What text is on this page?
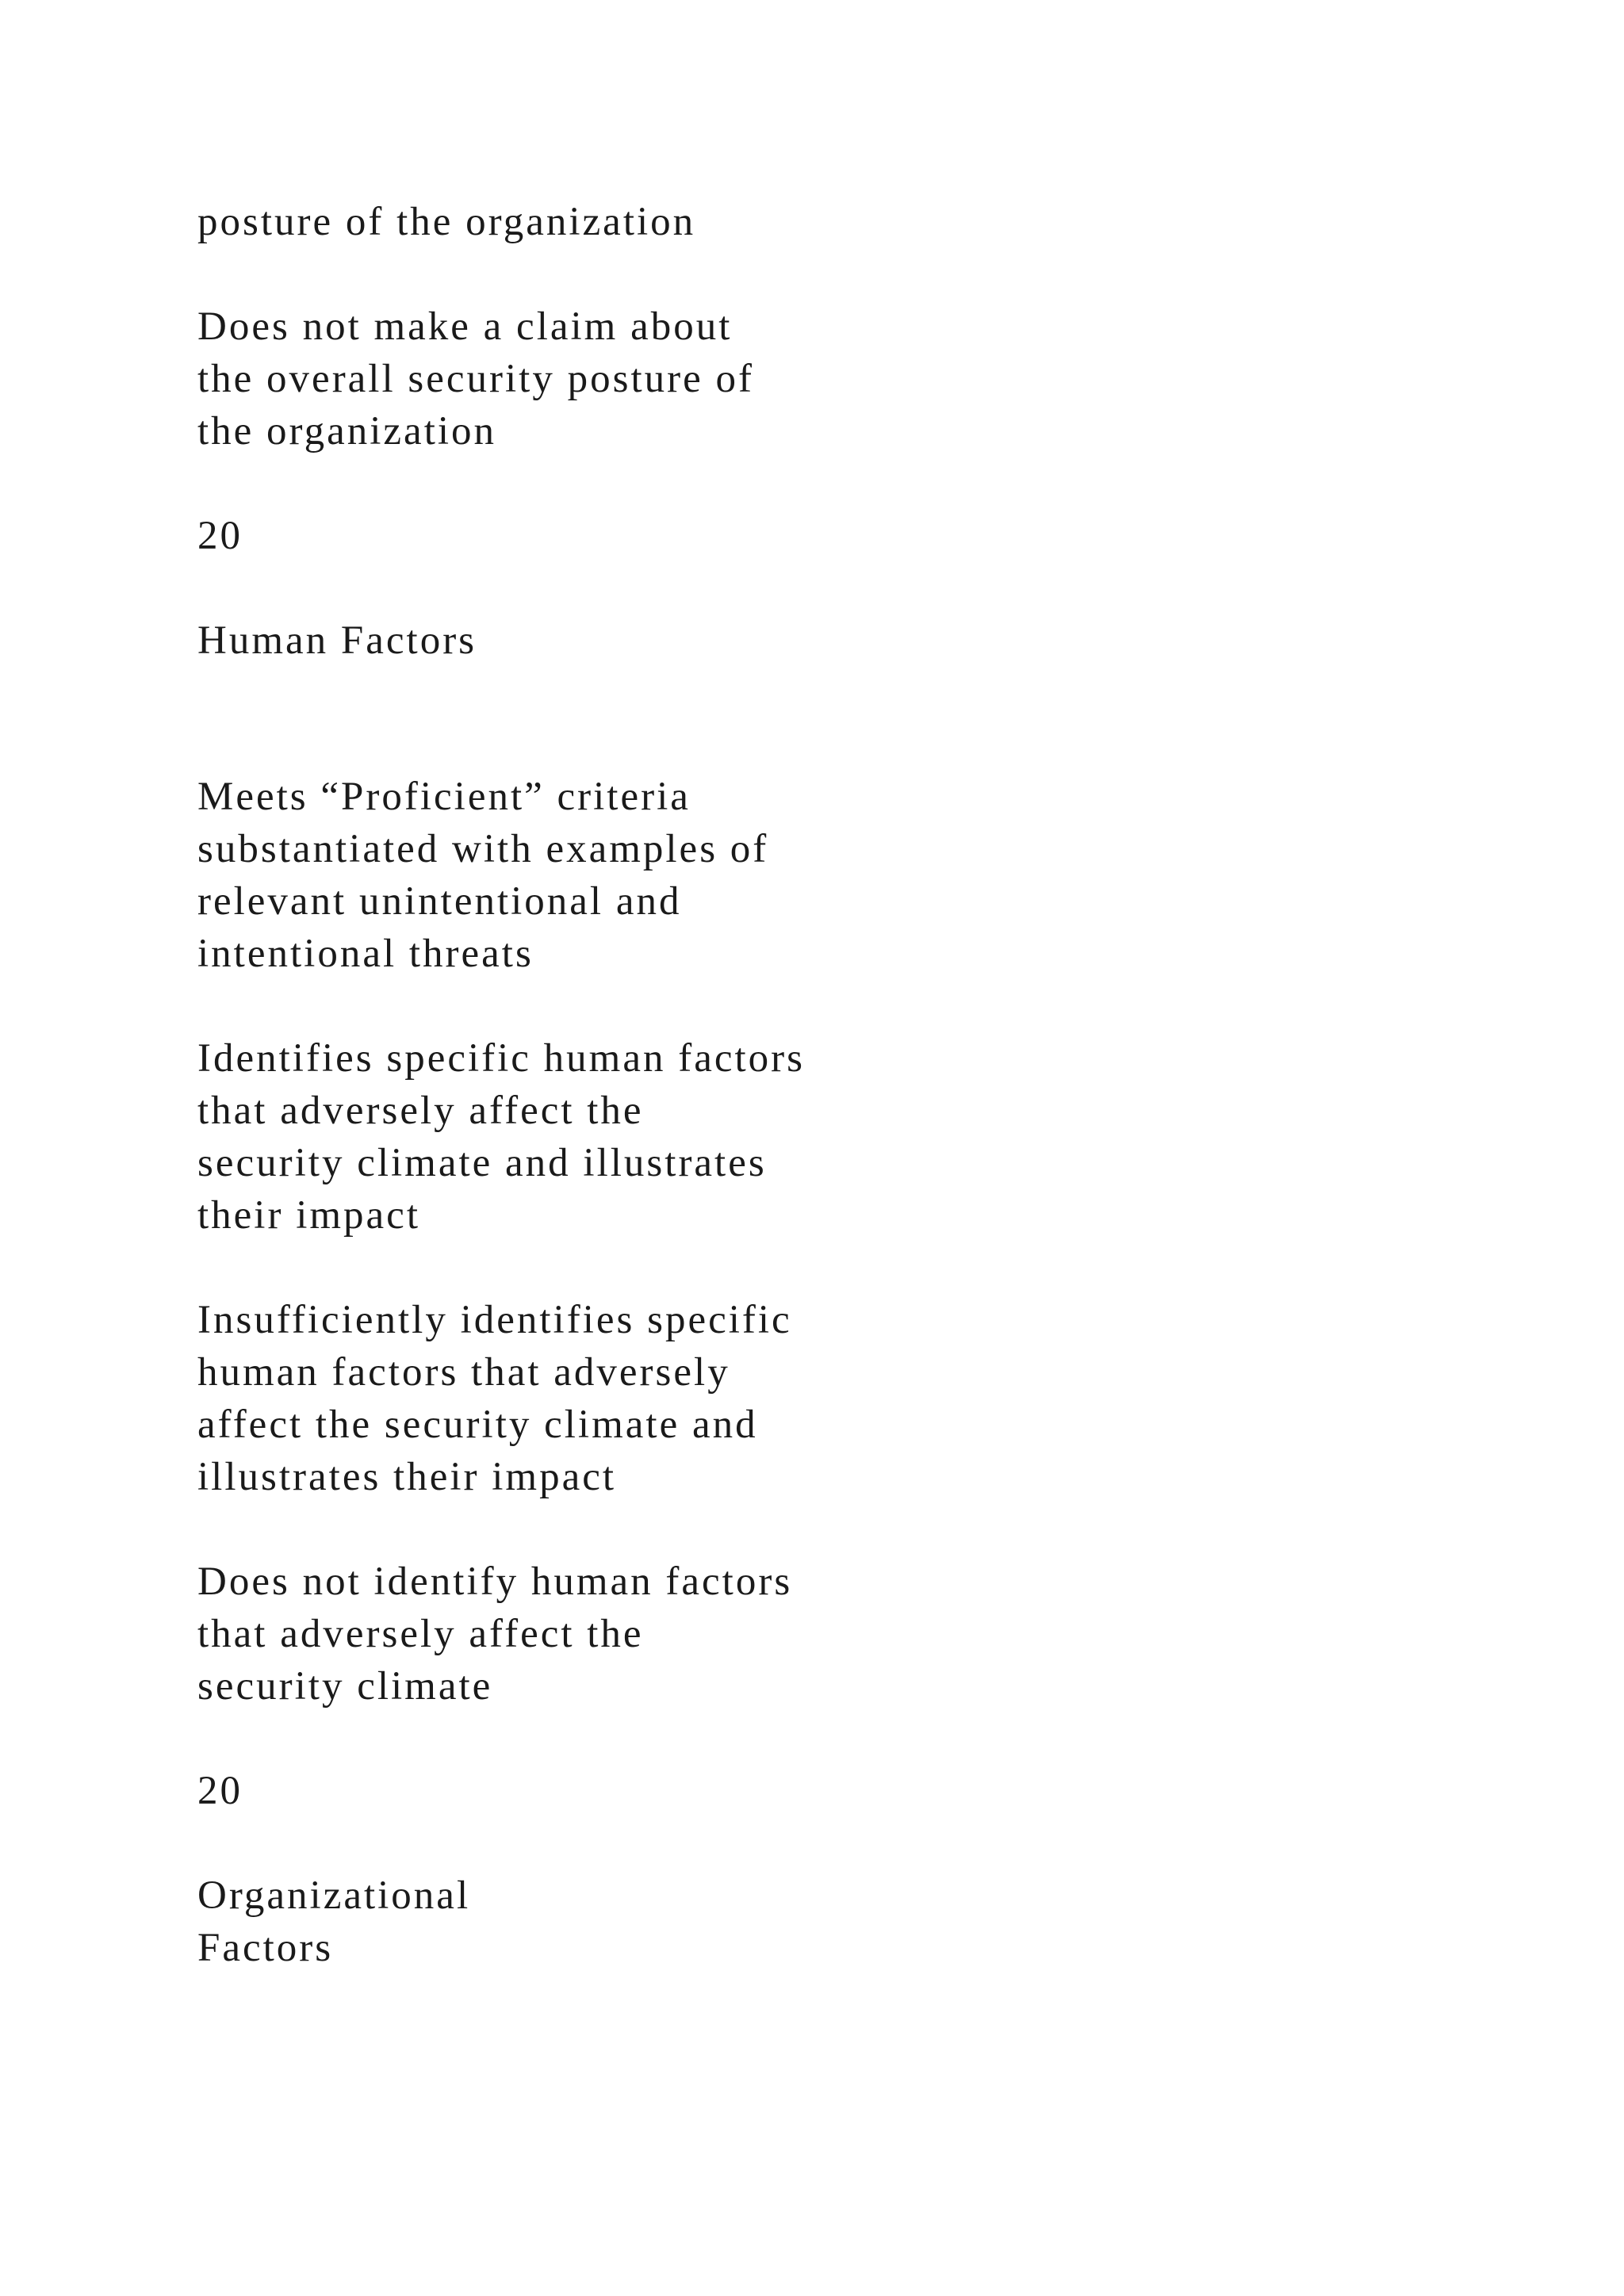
posture of the organization

Does not make a claim about

the overall security posture of

the organization

20

Human Factors

Meets “Proficient” criteria

substantiated with examples of

relevant unintentional and

intentional threats

Identifies specific human factors

that adversely affect the

security climate and illustrates

their impact

Insufficiently identifies specific

human factors that adversely

affect the security climate and

illustrates their impact

Does not identify human factors

that adversely affect the

security climate

20

Organizational

Factors
